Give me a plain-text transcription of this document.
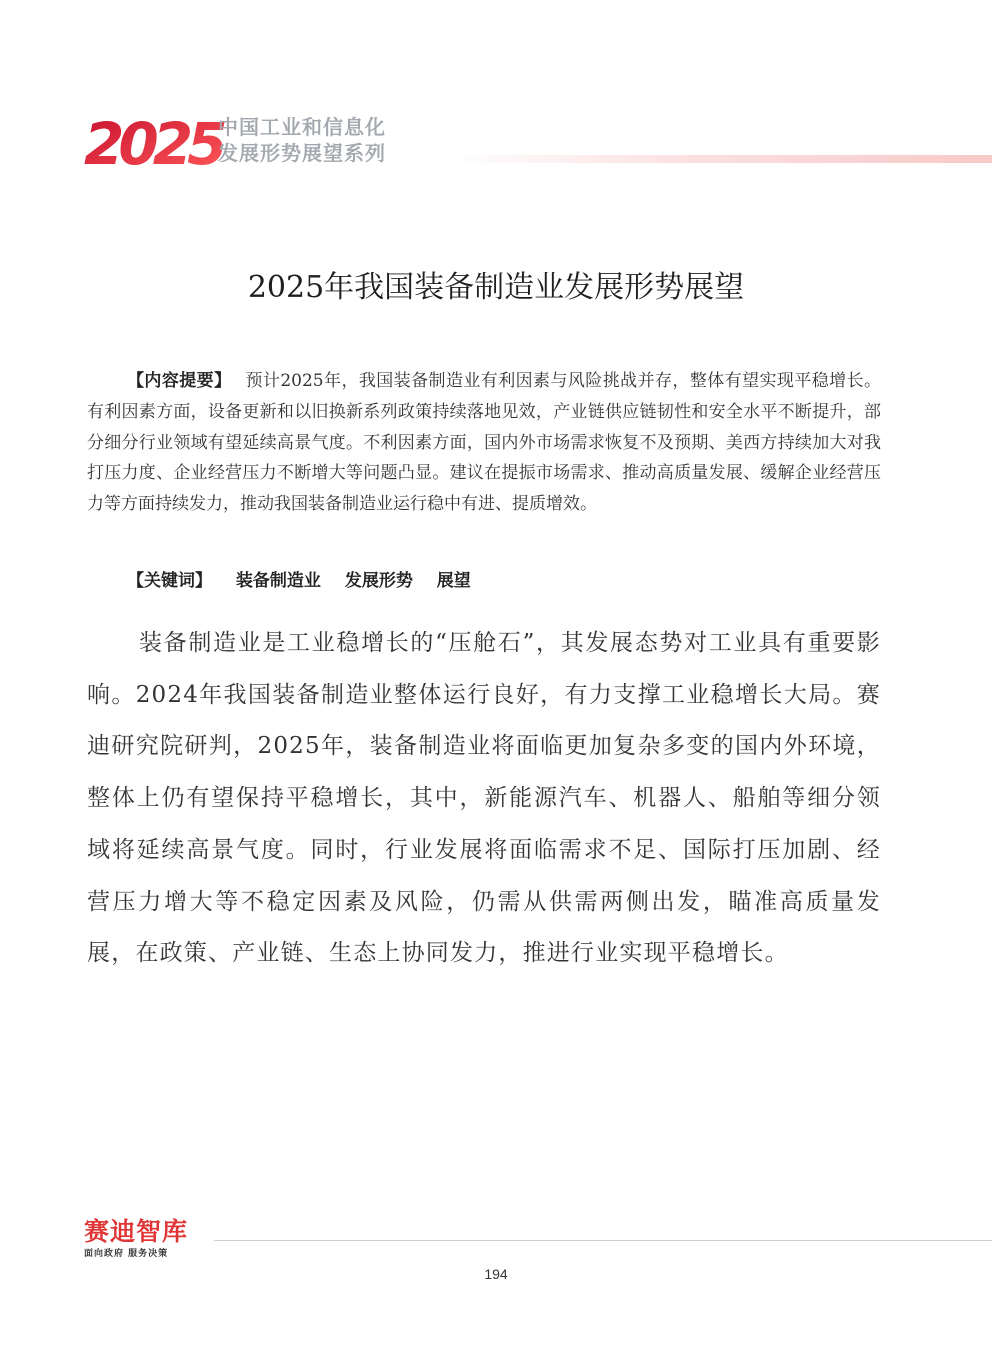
2025
中国工业和信息化
发展形势展望系列
2025年我国装备制造业发展形势展望
【内容提要】 预计2025年，我国装备制造业有利因素与风险挑战并存，整体有望实现平稳增长。有利因素方面，设备更新和以旧换新系列政策持续落地见效，产业链供应链韧性和安全水平不断提升，部分细分行业领域有望延续高景气度。不利因素方面，国内外市场需求恢复不及预期、美西方持续加大对我打压力度、企业经营压力不断增大等问题凸显。建议在提振市场需求、推动高质量发展、缓解企业经营压力等方面持续发力，推动我国装备制造业运行稳中有进、提质增效。
【关键词】 装备制造业 发展形势 展望
装备制造业是工业稳增长的“压舱石”，其发展态势对工业具有重要影响。2024年我国装备制造业整体运行良好，有力支撑工业稳增长大局。赛迪研究院研判，2025年，装备制造业将面临更加复杂多变的国内外环境，整体上仍有望保持平稳增长，其中，新能源汽车、机器人、船舶等细分领域将延续高景气度。同时，行业发展将面临需求不足、国际打压加剧、经营压力增大等不稳定因素及风险，仍需从供需两侧出发，瞄准高质量发展，在政策、产业链、生态上协同发力，推进行业实现平稳增长。
赛迪智库
面向政府 服务决策
194
